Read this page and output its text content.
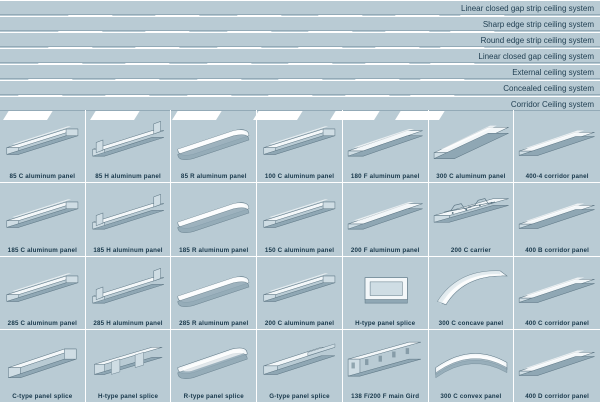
Linear closed gap strip ceiling system
Sharp edge strip ceiling system
Round edge strip ceiling system
Linear closed gap ceiling system
External ceiling system
Concealed ceiling system
Corridor Ceiling system
85 C aluminum panel	85 H aluminum panel	85 R aluminum panel	100 C aluminum panel	180 F aluminum panel	300 C aluminum panel	400-4 corridor panel
185 C aluminum panel	185 H aluminum panel	185 R aluminum panel	150 C aluminum panel	200 F aluminum panel	200 C carrier	400 B corridor panel
285 C aluminum panel	285 H aluminum panel	285 R aluminum panel	200 C aluminum panel	H-type panel splice	300 C concave panel	400 C corridor panel
C-type panel splice	H-type panel splice	R-type panel splice	G-type panel splice	138 F/200 F main Gird	300 C convex panel	400 D corridor panel
